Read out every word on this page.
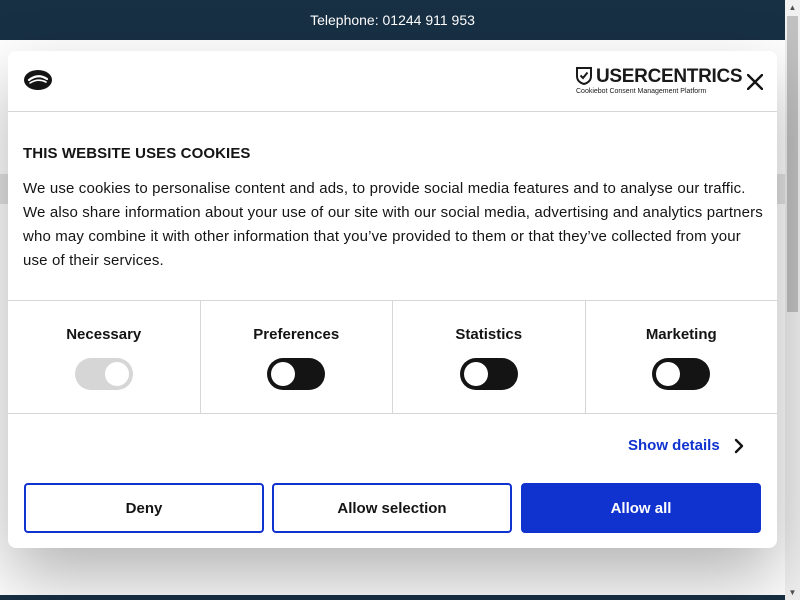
Telephone: 01244 911 953
▲
▼
USERCENTRICS
Cookiebot Consent Management Platform
THIS WEBSITE USES COOKIES

We use cookies to personalise content and ads, to provide social media features and to analyse our traffic. We also share information about your use of our site with our social media, advertising and analytics partners who may combine it with other information that you’ve provided to them or that they’ve collected from your use of their services.

Necessary	Preferences	Statistics	Marketing
Show details
Deny	Allow selection	Allow all
